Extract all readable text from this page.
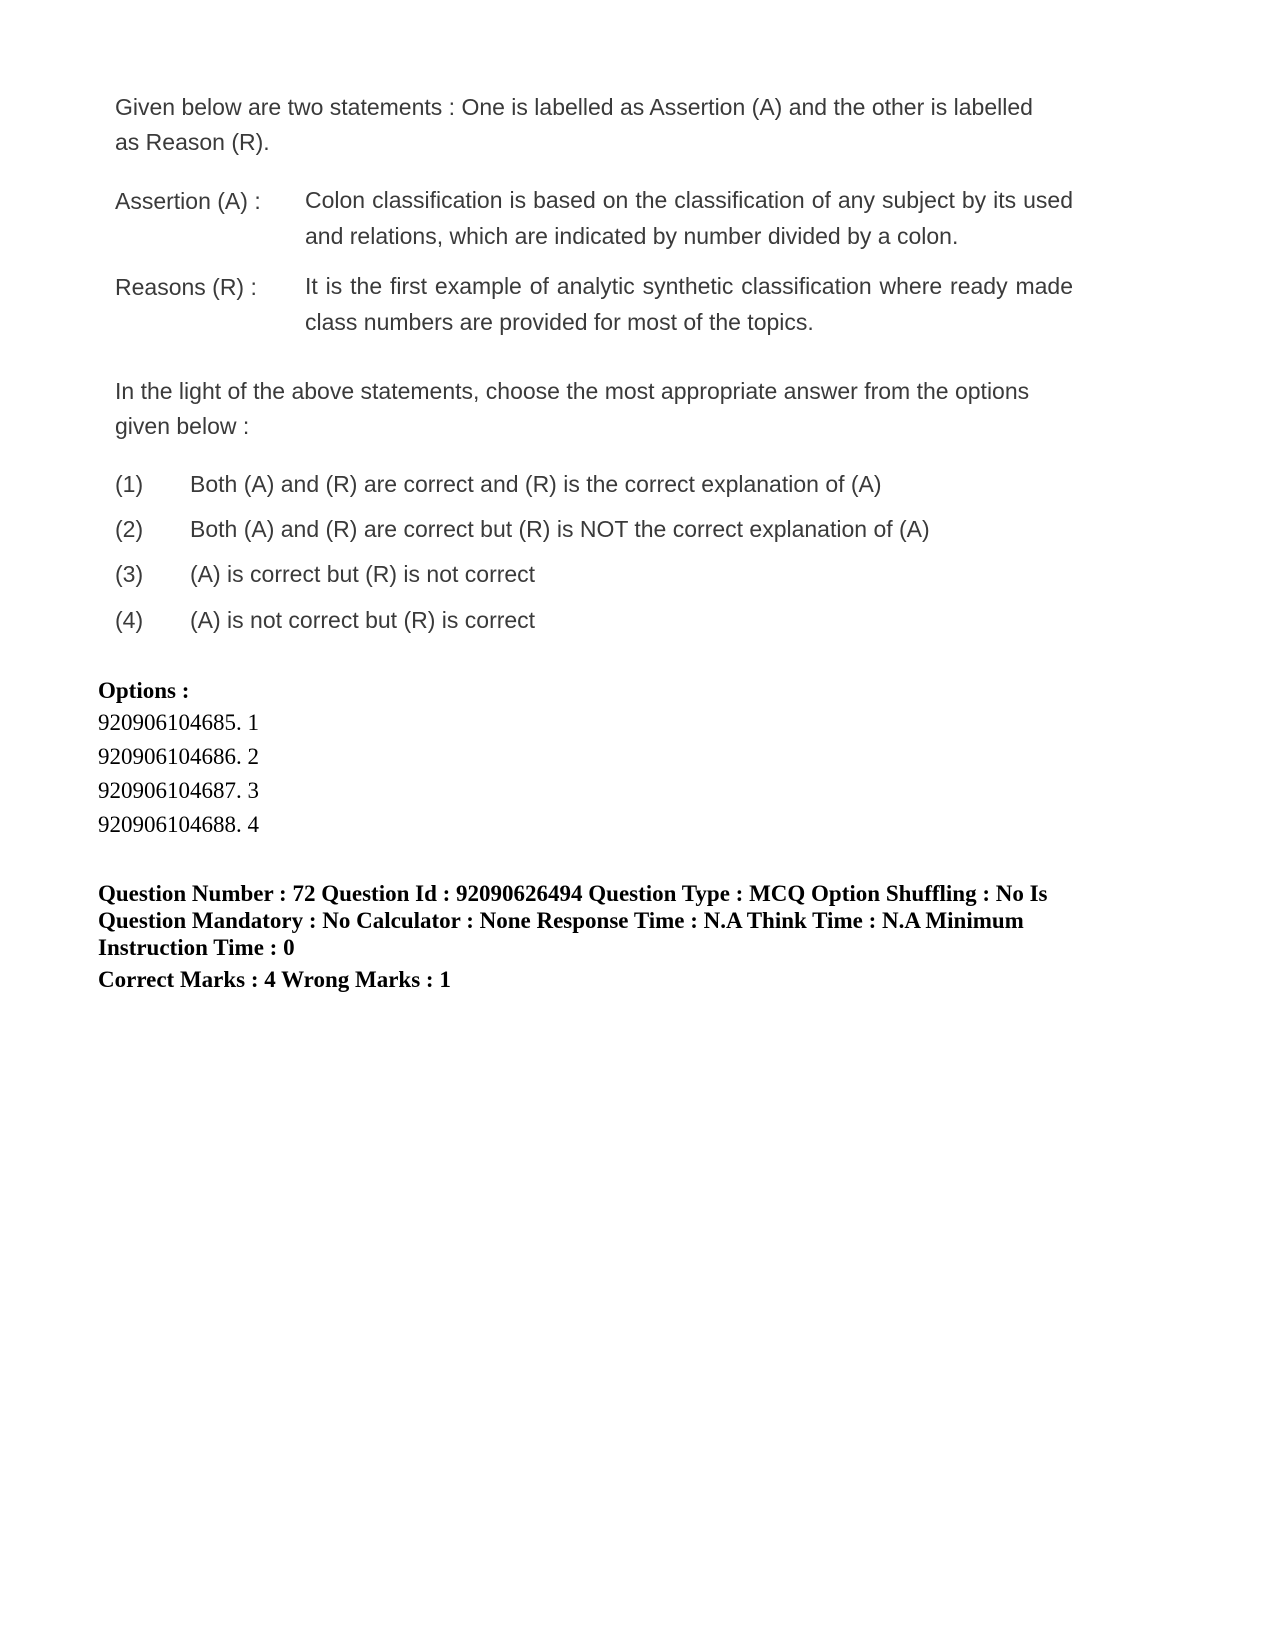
Given below are two statements : One is labelled as Assertion (A) and the other is labelled as Reason (R).
Assertion (A) : Colon classification is based on the classification of any subject by its used and relations, which are indicated by number divided by a colon.
Reasons (R) : It is the first example of analytic synthetic classification where ready made class numbers are provided for most of the topics.
In the light of the above statements, choose the most appropriate answer from the options given below :
(1) Both (A) and (R) are correct and (R) is the correct explanation of (A)
(2) Both (A) and (R) are correct but (R) is NOT the correct explanation of (A)
(3) (A) is correct but (R) is not correct
(4) (A) is not correct but (R) is correct
Options :
920906104685. 1
920906104686. 2
920906104687. 3
920906104688. 4
Question Number : 72 Question Id : 92090626494 Question Type : MCQ Option Shuffling : No Is Question Mandatory : No Calculator : None Response Time : N.A Think Time : N.A Minimum Instruction Time : 0
Correct Marks : 4 Wrong Marks : 1
